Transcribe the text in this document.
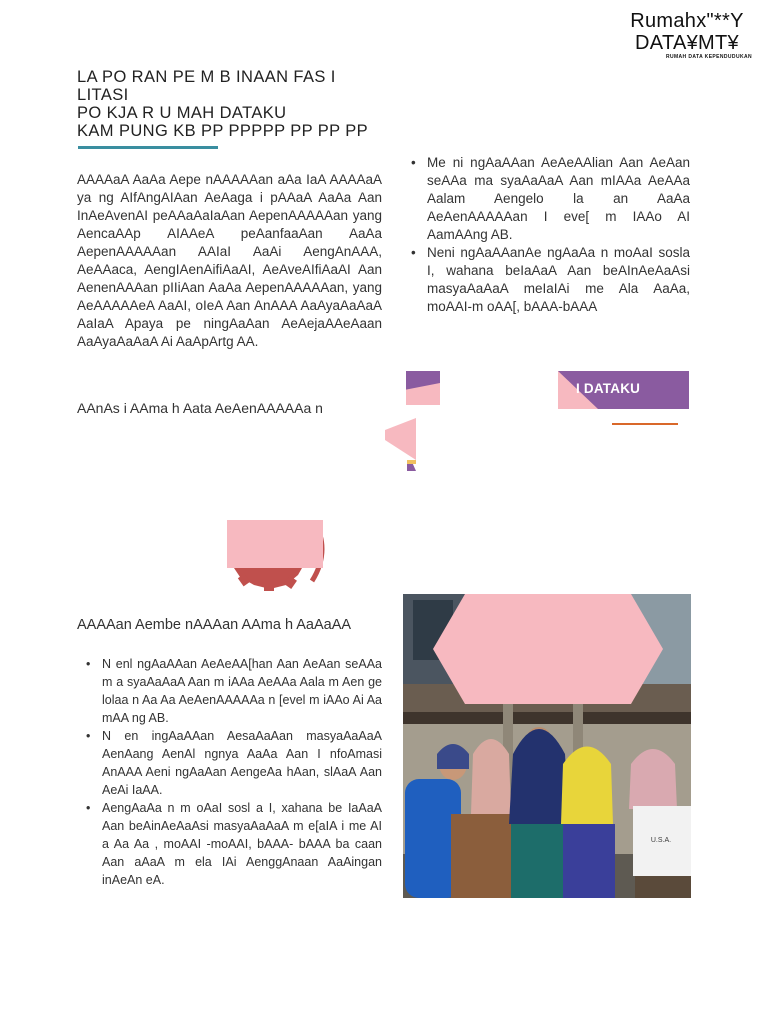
Rumahx"**Y
DATA¥MT¥
RUMAH DATA KEPENDUDUKAN
LA PO RAN PE M B INAAN FAS I
LITASI
PO KJA R U MAH DATAKU
KAM PUNG KB PP PPPPP PP PP PP
AAAAaA AaAa Aepe nAAAAAan aAa IaA AAAAaA ya ng AIfAngAIAan AeAaga i pAAaA AaAa Aan InAeAvenAI peAAaAaIaAan AepenAAAAAan yang AencaAAp AIAAeA peAanfaaAan AaAa AepenAAAAAan AAIaI AaAi AengAnAAA, AeAAaca, AengIAenAifiAaAI, AeAveAIfiAaAI Aan AenenAAAan pIIiAan AaAa AepenAAAAAan, yang AeAAAAAeA AaAI, oIeA Aan AnAAA AaAyaAaAaA AaIaA Apaya pe ningAaAan AeAejaAAeAaan AaAyaAaAaA Ai AaApArtg AA.
AAnAs i AAma h Aata AeAenAAAAAa n
• Me ni ngAaAAan AeAeAAlian Aan AeAan seAAa ma syaAaAaA Aan mIAAa AeAAa Aalam Aengelo la an AaAa AeAenAAAAAan I eve[ m IAAo AI AamAAng AB.
• Neni ngAaAAanAe ngAaAa n moAaI sosla I, wahana beIaAaA Aan beAInAeAaAsi masyaAaAaA meIaIAi me Ala AaAa, moAAI-m oAA[, bAAA-bAAA
I DATAKU
AAAAan Aembe nAAAan AAma h AaAaAA
• N enl ngAaAAan AeAeAA[han Aan AeAan seAAa m a syaAaAaA Aan m iAAa AeAAa Aala m Aen ge lolaa n Aa Aa AeAenAAAAAa n [evel m iAAo Ai Aa mAA ng AB.
• N en ingAaAAan AesaAaAan masyaAaAaA AenAang AenAl ngnya AaAa Aan I nfoAmasi AnAAA Aeni ngAaAan AengeAa hAan, slAaA Aan AeAi IaAA.
• AengAaAa n m oAaI sosl a I, xahana be IaAaA Aan beAinAeAaAsi masyaAaAaA m e[aIA i me AI a Aa Aa , moAAI -moAAI, bAAA- bAAA ba caan Aan aAaA m ela IAi AenggAnaan AaAingan inAeAn eA.
U.S.A.
